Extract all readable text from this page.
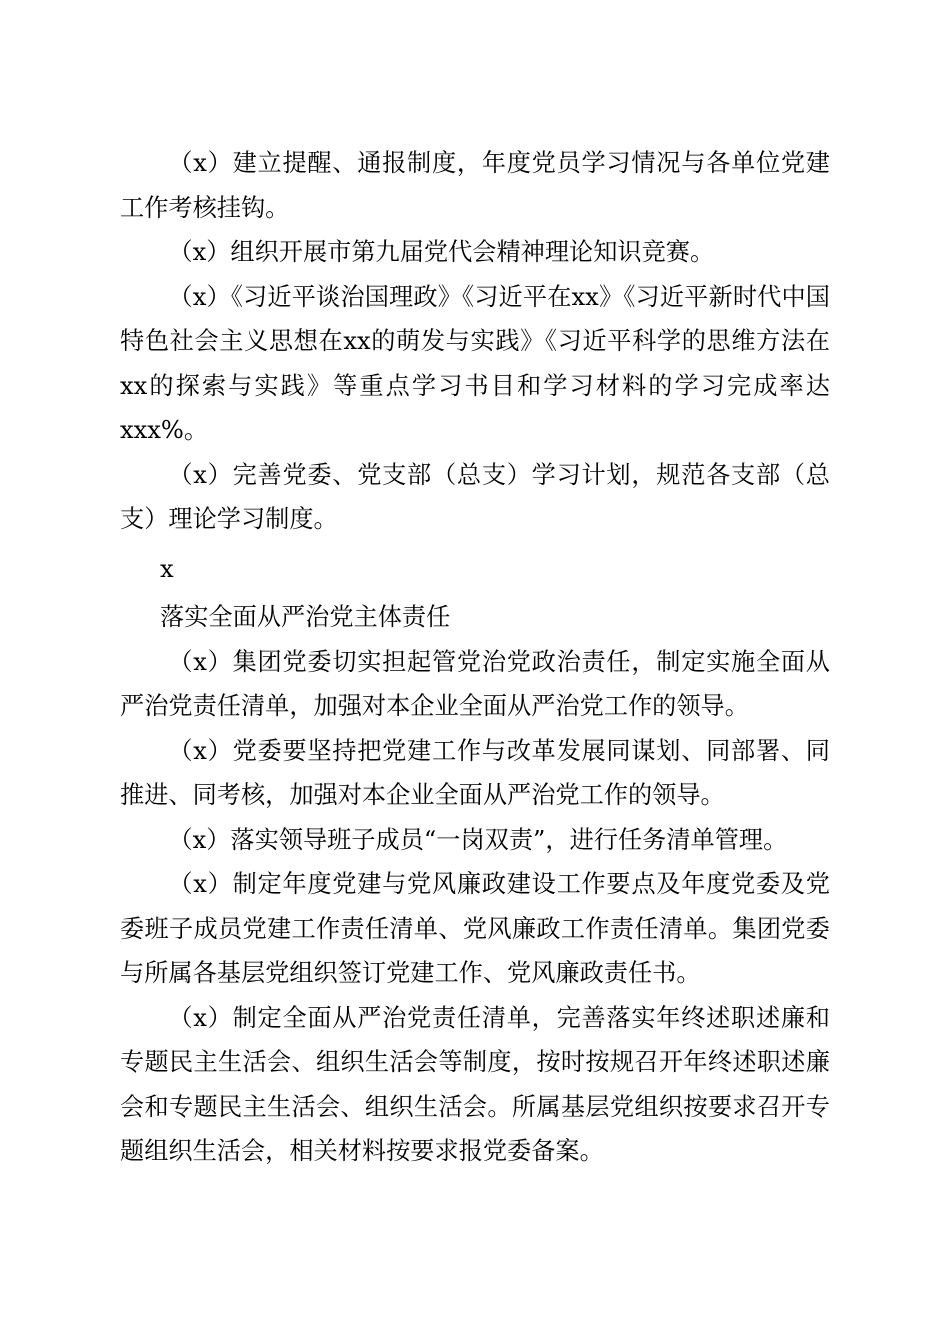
（x）建立提醒、通报制度，年度党员学习情况与各单位党建工作考核挂钩。

（x）组织开展市第九届党代会精神理论知识竞赛。

（x）《习近平谈治国理政》《习近平在xx》《习近平新时代中国特色社会主义思想在xx的萌发与实践》《习近平科学的思维方法在xx的探索与实践》等重点学习书目和学习材料的学习完成率达xxx%。

（x）完善党委、党支部（总支）学习计划，规范各支部（总支）理论学习制度。

x

落实全面从严治党主体责任

（x）集团党委切实担起管党治党政治责任，制定实施全面从严治党责任清单，加强对本企业全面从严治党工作的领导。

（x）党委要坚持把党建工作与改革发展同谋划、同部署、同推进、同考核，加强对本企业全面从严治党工作的领导。

（x）落实领导班子成员“一岗双责”，进行任务清单管理。

（x）制定年度党建与党风廉政建设工作要点及年度党委及党委班子成员党建工作责任清单、党风廉政工作责任清单。集团党委与所属各基层党组织签订党建工作、党风廉政责任书。

（x）制定全面从严治党责任清单，完善落实年终述职述廉和专题民主生活会、组织生活会等制度，按时按规召开年终述职述廉会和专题民主生活会、组织生活会。所属基层党组织按要求召开专题组织生活会，相关材料按要求报党委备案。
